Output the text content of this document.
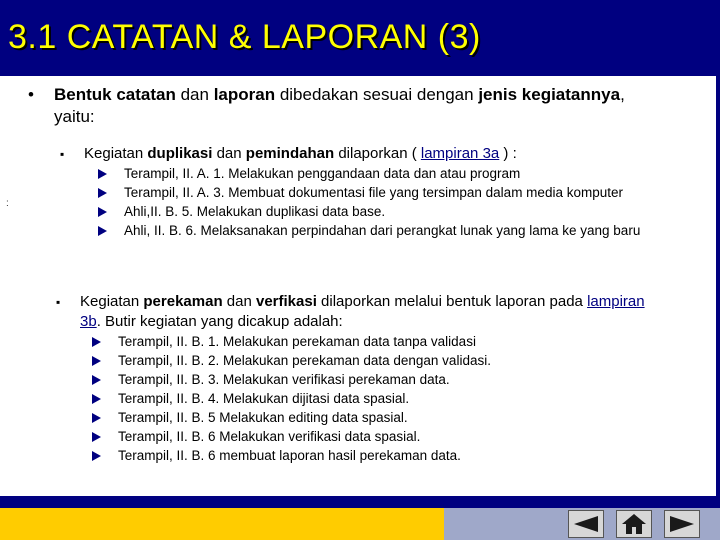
3.1 CATATAN & LAPORAN (3)
:
• Bentuk catatan dan laporan dibedakan sesuai dengan jenis kegiatannya, yaitu:
▪ Kegiatan duplikasi dan pemindahan dilaporkan ( lampiran 3a ) :
Terampil, II. A. 1. Melakukan penggandaan data dan atau program
Terampil, II. A. 3. Membuat dokumentasi file yang tersimpan dalam media komputer
Ahli,II. B. 5. Melakukan duplikasi data base.
Ahli, II. B. 6. Melaksanakan perpindahan dari perangkat lunak yang lama ke yang baru
▪ Kegiatan perekaman dan verfikasi dilaporkan melalui bentuk laporan pada lampiran 3b. Butir kegiatan yang dicakup adalah:
Terampil, II. B. 1. Melakukan perekaman data tanpa validasi
Terampil, II. B. 2. Melakukan perekaman data dengan validasi.
Terampil, II. B. 3. Melakukan verifikasi perekaman data.
Terampil, II. B. 4. Melakukan dijitasi data spasial.
Terampil, II. B. 5 Melakukan editing data spasial.
Terampil, II. B. 6 Melakukan verifikasi data spasial.
Terampil, II. B. 6 membuat laporan hasil perekaman data.
